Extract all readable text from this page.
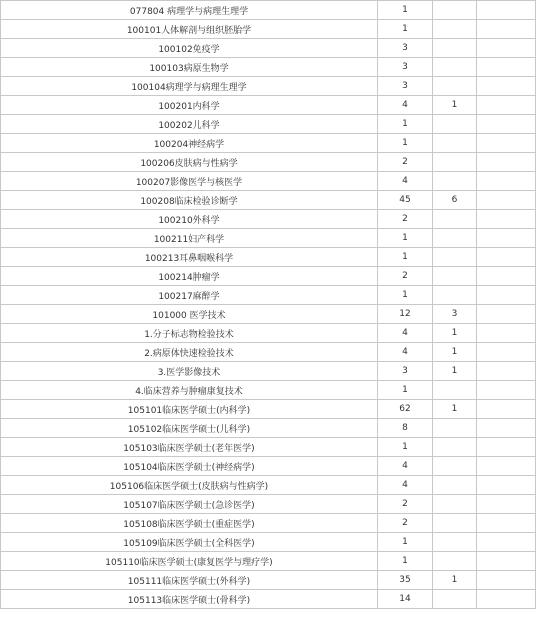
077804 病理学与病理生理学	1		
100101人体解剖与组织胚胎学	1		
100102免疫学	3		
100103病原生物学	3		
100104病理学与病理生理学	3		
100201内科学	4	1	
100202儿科学	1		
100204神经病学	1		
100206皮肤病与性病学	2		
100207影像医学与核医学	4		
100208临床检验诊断学	45	6	
100210外科学	2		
100211妇产科学	1		
100213耳鼻咽喉科学	1		
100214肿瘤学	2		
100217麻醉学	1		
101000 医学技术	12	3	
1.分子标志物检验技术	4	1	
2.病原体快速检验技术	4	1	
3.医学影像技术	3	1	
4.临床营养与肿瘤康复技术	1		
105101临床医学硕士(内科学)	62	1	
105102临床医学硕士(儿科学)	8		
105103临床医学硕士(老年医学)	1		
105104临床医学硕士(神经病学)	4		
105106临床医学硕士(皮肤病与性病学)	4		
105107临床医学硕士(急诊医学)	2		
105108临床医学硕士(重症医学)	2		
105109临床医学硕士(全科医学)	1		
105110临床医学硕士(康复医学与理疗学)	1		
105111临床医学硕士(外科学)	35	1	
105113临床医学硕士(骨科学)	14		
